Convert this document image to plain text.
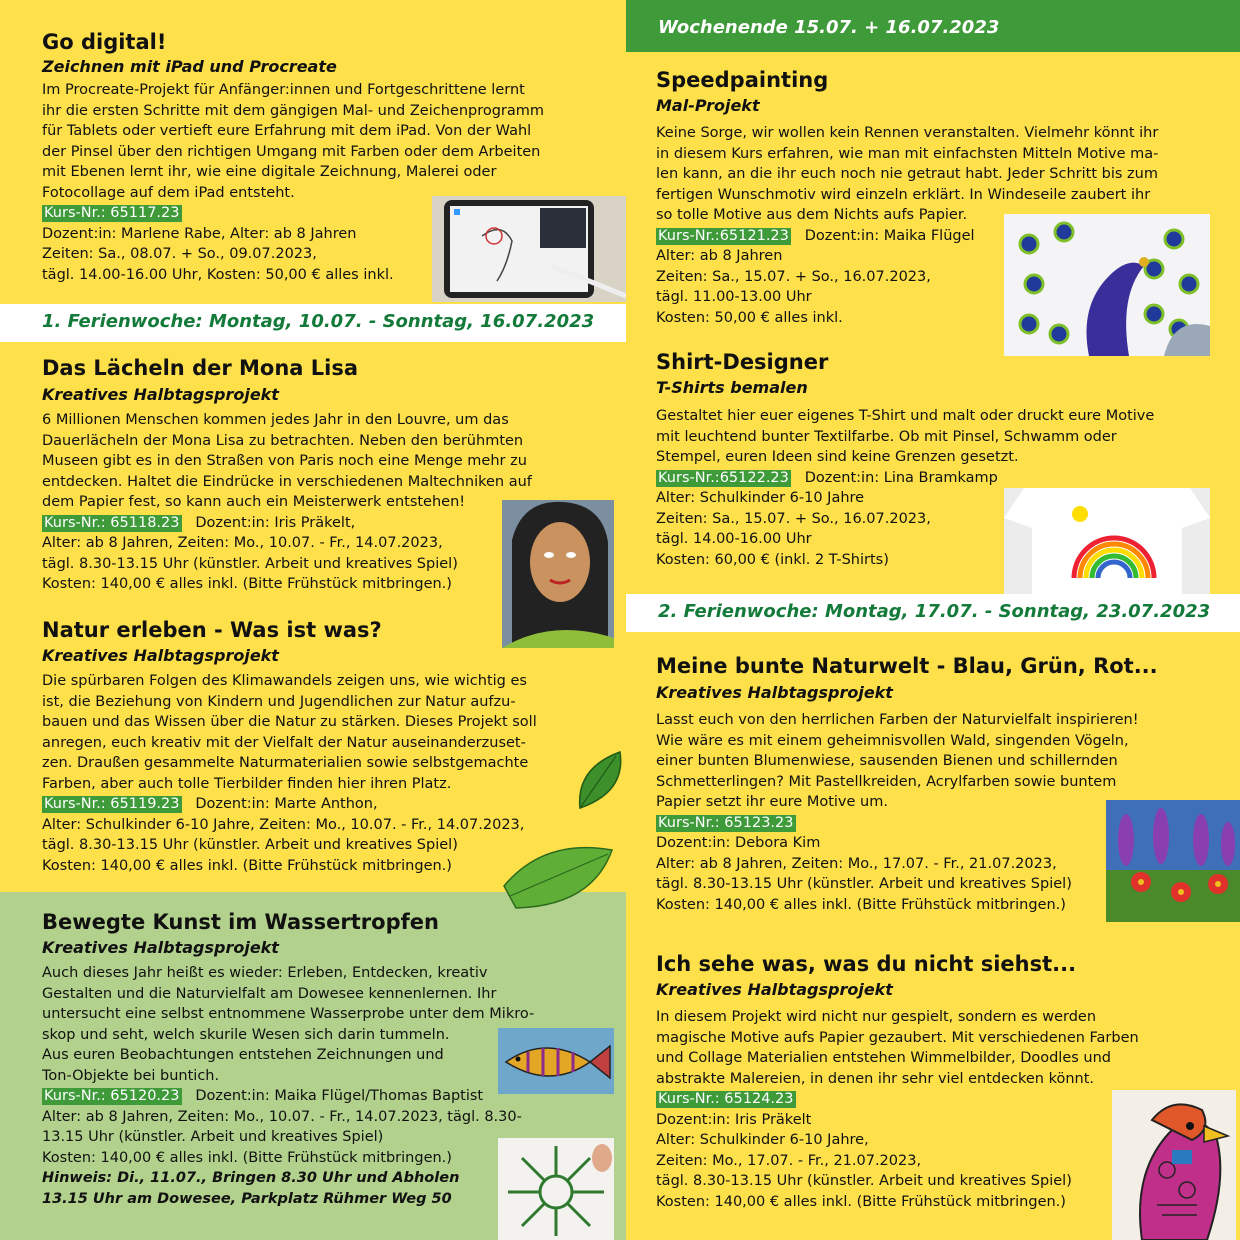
Wochenende 15.07. + 16.07.2023
1. Ferienwoche: Montag, 10.07. - Sonntag, 16.07.2023
2. Ferienwoche: Montag, 17.07. - Sonntag, 23.07.2023
Go digital!
Zeichnen mit iPad und Procreate
Im Procreate-Projekt für Anfänger:innen und Fortgeschrittene lernt
ihr die ersten Schritte mit dem gängigen Mal- und Zeichenprogramm
für Tablets oder vertieft eure Erfahrung mit dem iPad. Von der Wahl
der Pinsel über den richtigen Umgang mit Farben oder dem Arbeiten
mit Ebenen lernt ihr, wie eine digitale Zeichnung, Malerei oder
Fotocollage auf dem iPad entsteht.
Kurs-Nr.: 65117.23
Dozent:in: Marlene Rabe, Alter: ab 8 Jahren
Zeiten: Sa., 08.07. + So., 09.07.2023,
tägl. 14.00-16.00 Uhr, Kosten: 50,00 € alles inkl.
Das Lächeln der Mona Lisa
Kreatives Halbtagsprojekt
6 Millionen Menschen kommen jedes Jahr in den Louvre, um das
Dauerlächeln der Mona Lisa zu betrachten. Neben den berühmten
Museen gibt es in den Straßen von Paris noch eine Menge mehr zu
entdecken. Haltet die Eindrücke in verschiedenen Maltechniken auf
dem Papier fest, so kann auch ein Meisterwerk entstehen!
Kurs-Nr.: 65118.23 Dozent:in: Iris Präkelt,
Alter: ab 8 Jahren, Zeiten: Mo., 10.07. - Fr., 14.07.2023,
tägl. 8.30-13.15 Uhr (künstler. Arbeit und kreatives Spiel)
Kosten: 140,00 € alles inkl. (Bitte Frühstück mitbringen.)
Natur erleben - Was ist was?
Kreatives Halbtagsprojekt
Die spürbaren Folgen des Klimawandels zeigen uns, wie wichtig es
ist, die Beziehung von Kindern und Jugendlichen zur Natur aufzu-
bauen und das Wissen über die Natur zu stärken. Dieses Projekt soll
anregen, euch kreativ mit der Vielfalt der Natur auseinanderzuset-
zen. Draußen gesammelte Naturmaterialien sowie selbstgemachte
Farben, aber auch tolle Tierbilder finden hier ihren Platz.
Kurs-Nr.: 65119.23 Dozent:in: Marte Anthon,
Alter: Schulkinder 6-10 Jahre, Zeiten: Mo., 10.07. - Fr., 14.07.2023,
tägl. 8.30-13.15 Uhr (künstler. Arbeit und kreatives Spiel)
Kosten: 140,00 € alles inkl. (Bitte Frühstück mitbringen.)
Bewegte Kunst im Wassertropfen
Kreatives Halbtagsprojekt
Auch dieses Jahr heißt es wieder: Erleben, Entdecken, kreativ
Gestalten und die Naturvielfalt am Dowesee kennenlernen. Ihr
untersucht eine selbst entnommene Wasserprobe unter dem Mikro-
skop und seht, welch skurile Wesen sich darin tummeln.
Aus euren Beobachtungen entstehen Zeichnungen und
Ton-Objekte bei buntich.
Kurs-Nr.: 65120.23 Dozent:in: Maika Flügel/Thomas Baptist
Alter: ab 8 Jahren, Zeiten: Mo., 10.07. - Fr., 14.07.2023, tägl. 8.30-
13.15 Uhr (künstler. Arbeit und kreatives Spiel)
Kosten: 140,00 € alles inkl. (Bitte Frühstück mitbringen.)
Hinweis: Di., 11.07., Bringen 8.30 Uhr und Abholen
13.15 Uhr am Dowesee, Parkplatz Rühmer Weg 50
Speedpainting
Mal-Projekt
Keine Sorge, wir wollen kein Rennen veranstalten. Vielmehr könnt ihr
in diesem Kurs erfahren, wie man mit einfachsten Mitteln Motive ma-
len kann, an die ihr euch noch nie getraut habt. Jeder Schritt bis zum
fertigen Wunschmotiv wird einzeln erklärt. In Windeseile zaubert ihr
so tolle Motive aus dem Nichts aufs Papier.
Kurs-Nr.:65121.23 Dozent:in: Maika Flügel
Alter: ab 8 Jahren
Zeiten: Sa., 15.07. + So., 16.07.2023,
tägl. 11.00-13.00 Uhr
Kosten: 50,00 € alles inkl.
Shirt-Designer
T-Shirts bemalen
Gestaltet hier euer eigenes T-Shirt und malt oder druckt eure Motive
mit leuchtend bunter Textilfarbe. Ob mit Pinsel, Schwamm oder
Stempel, euren Ideen sind keine Grenzen gesetzt.
Kurs-Nr.:65122.23 Dozent:in: Lina Bramkamp
Alter: Schulkinder 6-10 Jahre
Zeiten: Sa., 15.07. + So., 16.07.2023,
tägl. 14.00-16.00 Uhr
Kosten: 60,00 € (inkl. 2 T-Shirts)
Meine bunte Naturwelt - Blau, Grün, Rot...
Kreatives Halbtagsprojekt
Lasst euch von den herrlichen Farben der Naturvielfalt inspirieren!
Wie wäre es mit einem geheimnisvollen Wald, singenden Vögeln,
einer bunten Blumenwiese, sausenden Bienen und schillernden
Schmetterlingen? Mit Pastellkreiden, Acrylfarben sowie buntem
Papier setzt ihr eure Motive um.
Kurs-Nr.: 65123.23
Dozent:in: Debora Kim
Alter: ab 8 Jahren, Zeiten: Mo., 17.07. - Fr., 21.07.2023,
tägl. 8.30-13.15 Uhr (künstler. Arbeit und kreatives Spiel)
Kosten: 140,00 € alles inkl. (Bitte Frühstück mitbringen.)
Ich sehe was, was du nicht siehst...
Kreatives Halbtagsprojekt
In diesem Projekt wird nicht nur gespielt, sondern es werden
magische Motive aufs Papier gezaubert. Mit verschiedenen Farben
und Collage Materialien entstehen Wimmelbilder, Doodles und
abstrakte Malereien, in denen ihr sehr viel entdecken könnt.
Kurs-Nr.: 65124.23
Dozent:in: Iris Präkelt
Alter: Schulkinder 6-10 Jahre,
Zeiten: Mo., 17.07. - Fr., 21.07.2023,
tägl. 8.30-13.15 Uhr (künstler. Arbeit und kreatives Spiel)
Kosten: 140,00 € alles inkl. (Bitte Frühstück mitbringen.)
